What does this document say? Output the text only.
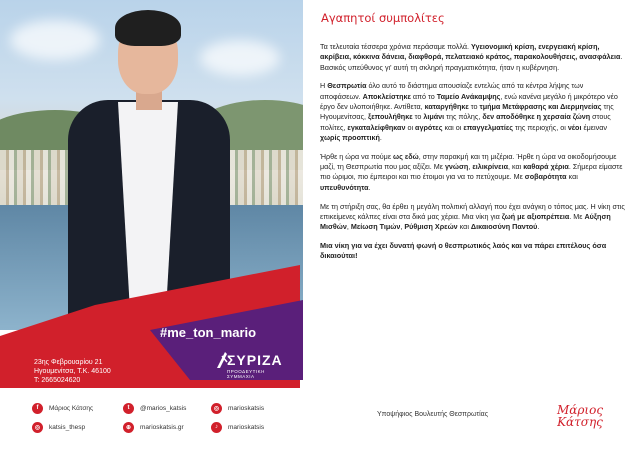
#me_ton_mario
ΣΥΡΙΖΑ
ΠΡΟΟΔΕΥΤΙΚΗ ΣΥΜΜΑΧΙΑ
23ης Φεβρουαρίου 21
Ηγουμενίτσα, Τ.Κ. 46100
Τ: 2665024620
f	Μάριος Κάτσης	t	@marios_katsis	◎	marioskatsis
◎	katsis_thesp	⊕	marioskatsis.gr	♪	marioskatsis
Αγαπητοί συμπολίτες

Τα τελευταία τέσσερα χρόνια περάσαμε πολλά. Υγειονομική κρίση, ενεργειακή κρίση, ακρίβεια, κόκκινα δάνεια, διαφθορά, πελατειακό κράτος, παρακολουθήσεις, ανασφάλεια. Βασικός υπεύθυνος γι' αυτή τη σκληρή πραγματικότητα, ήταν η κυβέρνηση.

Η Θεσπρωτία όλο αυτό το διάστημα απουσίαζε εντελώς από τα κέντρα λήψης των αποφάσεων. Αποκλείστηκε από το Ταμείο Ανάκαμψης, ενώ κανένα μεγάλο ή μικρότερο νέο έργο δεν υλοποιήθηκε. Αντίθετα, καταργήθηκε το τμήμα Μετάφρασης και Διερμηνείας της Ηγουμενίτσας, ξεπουλήθηκε το λιμάνι της πόλης, δεν αποδόθηκε η χερσαία ζώνη στους πολίτες, εγκαταλείφθηκαν οι αγρότες και οι επαγγελματίες της περιοχής, οι νέοι έμειναν χωρίς προοπτική.

Ήρθε η ώρα να πούμε ως εδώ, στην παρακμή και τη μιζέρια. Ήρθε η ώρα να οικοδομήσουμε μαζί, τη Θεσπρωτία που μας αξίζει. Με γνώση, ειλικρίνεια, και καθαρά χέρια. Σήμερα είμαστε πιο ώριμοι, πιο έμπειροι και πιο έτοιμοι για να το πετύχουμε. Με σοβαρότητα και υπευθυνότητα.

Με τη στήριξη σας, θα έρθει η μεγάλη πολιτική αλλαγή που έχει ανάγκη ο τόπος μας. Η νίκη στις επικείμενες κάλπες είναι στα δικά μας χέρια. Μια νίκη για ζωή με αξιοπρέπεια. Με Αύξηση Μισθών, Μείωση Τιμών, Ρύθμιση Χρεών και Δικαιοσύνη Παντού.

Μια νίκη για να έχει δυνατή φωνή ο θεσπρωτικός λαός και να πάρει επιτέλους όσα δικαιούται!

Υποψήφιος Βουλευτής Θεσπρωτίας	Μάριος
Κάτσης
